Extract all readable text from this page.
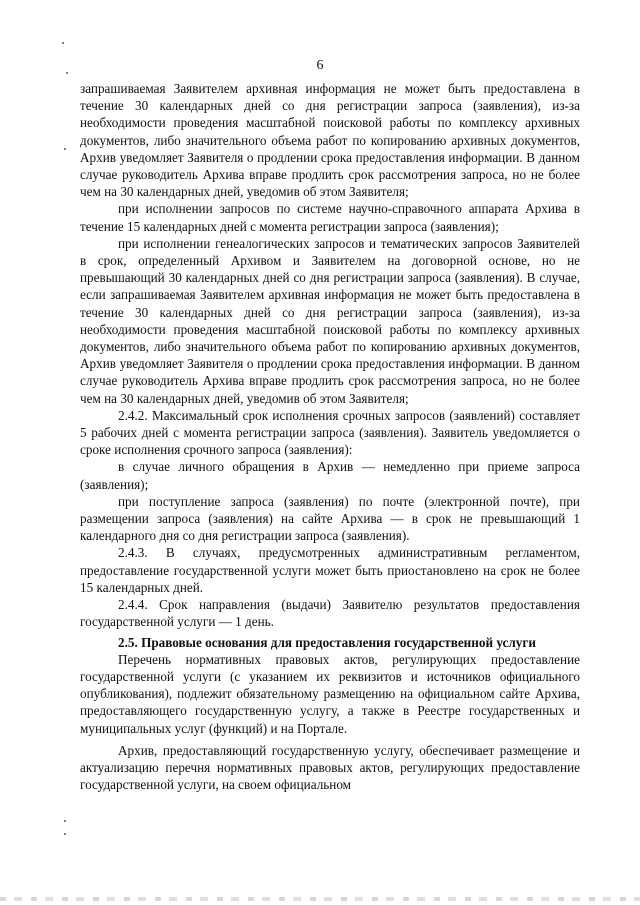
6

запрашиваемая Заявителем архивная информация не может быть предоставлена в течение 30 календарных дней со дня регистрации запроса (заявления), из-за необходимости проведения масштабной поисковой работы по комплексу архивных документов, либо значительного объема работ по копированию архивных документов, Архив уведомляет Заявителя о продлении срока предоставления информации. В данном случае руководитель Архива вправе продлить срок рассмотрения запроса, но не более чем на 30 календарных дней, уведомив об этом Заявителя;

при исполнении запросов по системе научно-справочного аппарата Архива в течение 15 календарных дней с момента регистрации запроса (заявления);

при исполнении генеалогических запросов и тематических запросов Заявителей в срок, определенный Архивом и Заявителем на договорной основе, но не превышающий 30 календарных дней со дня регистрации запроса (заявления). В случае, если запрашиваемая Заявителем архивная информация не может быть предоставлена в течение 30 календарных дней со дня регистрации запроса (заявления), из-за необходимости проведения масштабной поисковой работы по комплексу архивных документов, либо значительного объема работ по копированию архивных документов, Архив уведомляет Заявителя о продлении срока предоставления информации. В данном случае руководитель Архива вправе продлить срок рассмотрения запроса, но не более чем на 30 календарных дней, уведомив об этом Заявителя;

2.4.2. Максимальный срок исполнения срочных запросов (заявлений) составляет 5 рабочих дней с момента регистрации запроса (заявления). Заявитель уведомляется о сроке исполнения срочного запроса (заявления):

в случае личного обращения в Архив — немедленно при приеме запроса (заявления);

при поступление запроса (заявления) по почте (электронной почте), при размещении запроса (заявления) на сайте Архива — в срок не превышающий 1 календарного дня со дня регистрации запроса (заявления).

2.4.3. В случаях, предусмотренных административным регламентом, предоставление государственной услуги может быть приостановлено на срок не более 15 календарных дней.

2.4.4. Срок направления (выдачи) Заявителю результатов предоставления государственной услуги — 1 день.

2.5. Правовые основания для предоставления государственной услуги

Перечень нормативных правовых актов, регулирующих предоставление государственной услуги (с указанием их реквизитов и источников официального опубликования), подлежит обязательному размещению на официальном сайте Архива, предоставляющего государственную услугу, а также в Реестре государственных и муниципальных услуг (функций) и на Портале.

Архив, предоставляющий государственную услугу, обеспечивает размещение и актуализацию перечня нормативных правовых актов, регулирующих предоставление государственной услуги, на своем официальном
